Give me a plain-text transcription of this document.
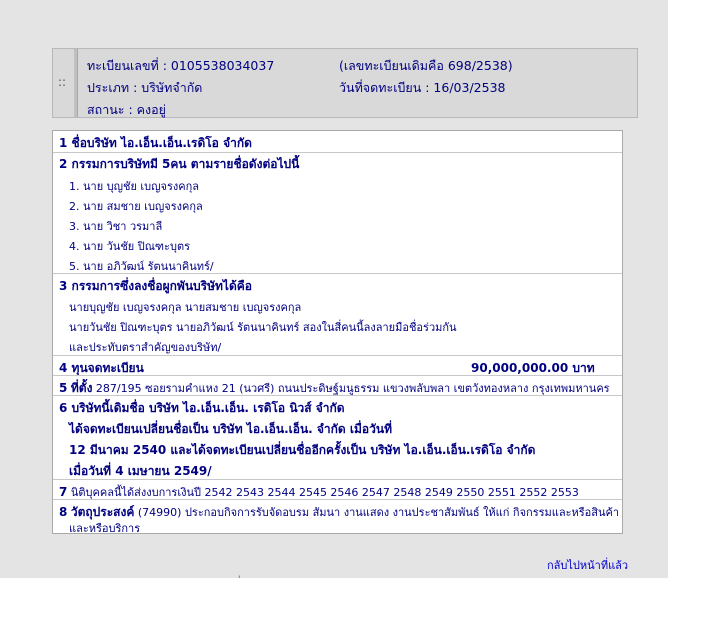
::
ทะเบียนเลขที่ : 0105538034037	(เลขทะเบียนเดิมคือ 698/2538)
ประเภท : บริษัทจำกัด	วันที่จดทะเบียน : 16/03/2538
สถานะ : คงอยู่
1 ชื่อบริษัท ไอ.เอ็น.เอ็น.เรดิโอ จำกัด
2 กรรมการบริษัทมี 5คน ตามรายชื่อดังต่อไปนี้
1. นาย บุญชัย เบญจรงคกุล
2. นาย สมชาย เบญจรงคกุล
3. นาย วิชา วรมาลี
4. นาย วันชัย ปิณฑะบุตร
5. นาย อภิวัฒน์ รัตนนาคินทร์/
3 กรรมการซึ่งลงชื่อผูกพันบริษัทได้คือ
นายบุญชัย เบญจรงคกุล นายสมชาย เบญจรงคกุล
นายวันชัย ปิณฑะบุตร นายอภิวัฒน์ รัตนนาคินทร์ สองในสี่คนนี้ลงลายมือชื่อร่วมกัน
และประทับตราสำคัญของบริษัท/
4 ทุนจดทะเบียน	90,000,000.00 บาท
5 ที่ตั้ง 287/195 ซอยรามคำแหง 21 (นวศรี) ถนนประดิษฐ์มนูธรรม แขวงพลับพลา เขตวังทองหลาง กรุงเทพมหานคร
6 บริษัทนี้เดิมชื่อ บริษัท ไอ.เอ็น.เอ็น. เรดิโอ นิวส์ จำกัด
ได้จดทะเบียนเปลี่ยนชื่อเป็น บริษัท ไอ.เอ็น.เอ็น. จำกัด เมื่อวันที่
12 มีนาคม 2540 และได้จดทะเบียนเปลี่ยนชื่ออีกครั้งเป็น บริษัท ไอ.เอ็น.เอ็น.เรดิโอ จำกัด
เมื่อวันที่ 4 เมษายน 2549/
7 นิติบุคคลนี้ได้ส่งงบการเงินปี 2542 2543 2544 2545 2546 2547 2548 2549 2550 2551 2552 2553
8 วัตถุประสงค์ (74990) ประกอบกิจการรับจัดอบรม สัมนา งานแสดง งานประชาสัมพันธ์ ให้แก่ กิจกรรมและหรือสินค้า
และหรือบริการ
กลับไปหน้าที่แล้ว
'
